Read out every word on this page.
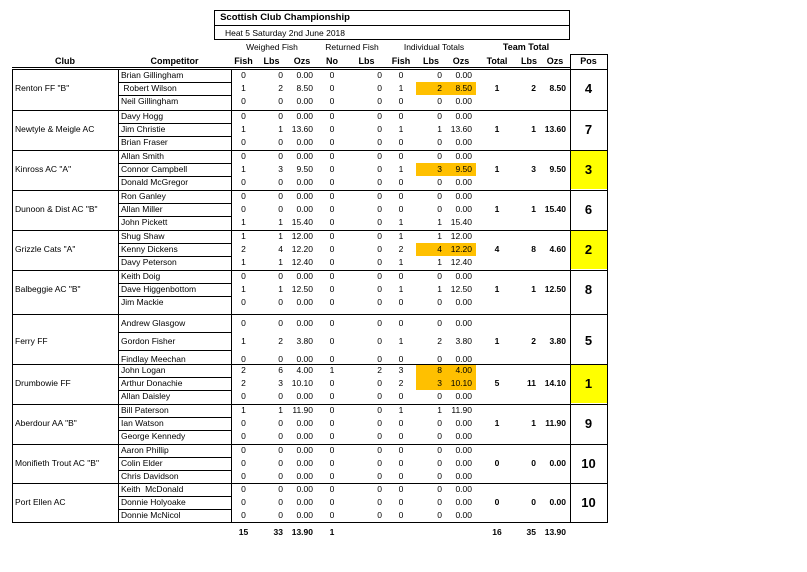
Scottish Club Championship
Heat 5 Saturday 2nd June 2018
Weighed Fish	Returned Fish	Individual Totals	Team Total
Club	Competitor	Fish	Lbs	Ozs	No	Lbs	Fish	Lbs	Ozs	Total	Lbs	Ozs	Pos
Renton FF "B"	1	2	8.50	4
Brian Gillingham	0	0	0.00	0	0	0	0	0.00
Robert Wilson	1	2	8.50	0	0	1	2	8.50
Neil Gillingham	0	0	0.00	0	0	0	0	0.00
Newtyle & Meigle AC	1	1	13.60	7
Davy Hogg	0	0	0.00	0	0	0	0	0.00
Jim Christie	1	1	13.60	0	0	1	1	13.60
Brian Fraser	0	0	0.00	0	0	0	0	0.00
Kinross AC "A"	1	3	9.50	3
Allan Smith	0	0	0.00	0	0	0	0	0.00
Connor Campbell	1	3	9.50	0	0	1	3	9.50
Donald McGregor	0	0	0.00	0	0	0	0	0.00
Dunoon & Dist AC "B"	1	1	15.40	6
Ron Ganley	0	0	0.00	0	0	0	0	0.00
Allan Miller	0	0	0.00	0	0	0	0	0.00
John Pickett	1	1	15.40	0	0	1	1	15.40
Grizzle Cats "A"	4	8	4.60	2
Shug Shaw	1	1	12.00	0	0	1	1	12.00
Kenny Dickens	2	4	12.20	0	0	2	4	12.20
Davy Peterson	1	1	12.40	0	0	1	1	12.40
Balbeggie AC "B"	1	1	12.50	8
Keith Doig	0	0	0.00	0	0	0	0	0.00
Dave Higgenbottom	1	1	12.50	0	0	1	1	12.50
Jim Mackie	0	0	0.00	0	0	0	0	0.00
Ferry FF	1	2	3.80	5
Andrew Glasgow	0	0	0.00	0	0	0	0	0.00
Gordon Fisher	1	2	3.80	0	0	1	2	3.80
Findlay Meechan	0	0	0.00	0	0	0	0	0.00
Drumbowie FF	5	11	14.10	1
John Logan	2	6	4.00	1	2	3	8	4.00
Arthur Donachie	2	3	10.10	0	0	2	3	10.10
Allan Daisley	0	0	0.00	0	0	0	0	0.00
Aberdour AA "B"	1	1	11.90	9
Bill Paterson	1	1	11.90	0	0	1	1	11.90
Ian Watson	0	0	0.00	0	0	0	0	0.00
George Kennedy	0	0	0.00	0	0	0	0	0.00
Monifieth Trout AC "B"	0	0	0.00	10
Aaron Phillip	0	0	0.00	0	0	0	0	0.00
Colin Elder	0	0	0.00	0	0	0	0	0.00
Chris Davidson	0	0	0.00	0	0	0	0	0.00
Port Ellen AC	0	0	0.00	10
Keith  McDonald	0	0	0.00	0	0	0	0	0.00
Donnie Holyoake	0	0	0.00	0	0	0	0	0.00
Donnie McNicol	0	0	0.00	0	0	0	0	0.00
15	33	13.90	1	16	35	13.90
